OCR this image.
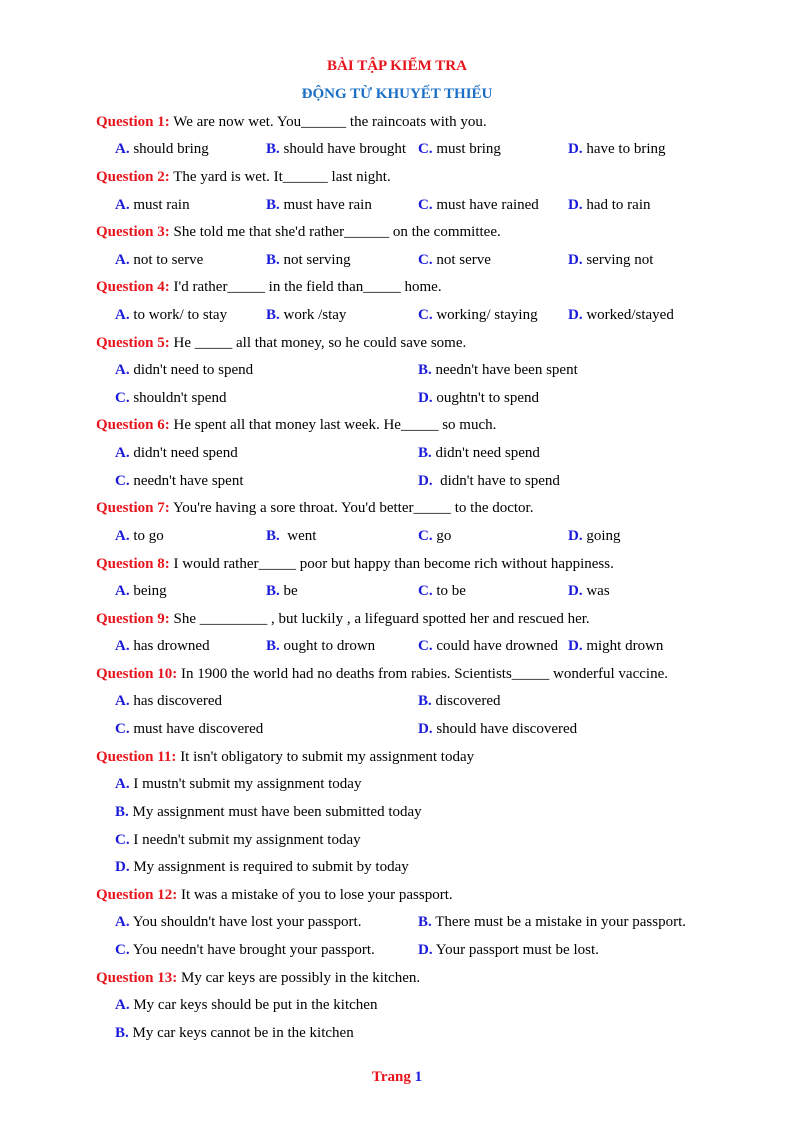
BÀI TẬP KIỂM TRA
ĐỘNG TỪ KHUYẾT THIẾU
Question 1: We are now wet. You______ the raincoats with you.
A. should bring	B. should have brought C. must bring	D. have to bring
Question 2: The yard is wet. It______ last night.
A. must rain	B. must have rain	C. must have rained D. had to rain
Question 3: She told me that she'd rather______ on the committee.
A. not to serve	B. not serving	C. not serve	D. serving not
Question 4: I'd rather_____ in the field than_____ home.
A. to work/ to stay	B. work /stay	C. working/ staying D. worked/stayed
Question 5: He _____ all that money, so he could save some.
A. didn't need to spend	B. needn't have been spent
C. shouldn't spend	D. oughtn't to spend
Question 6: He spent all that money last week. He_____ so much.
A. didn't need spend	B. didn't need spend
C. needn't have spent	D.  didn't have to spend
Question 7: You're having a sore throat. You'd better_____ to the doctor.
A. to go	B.  went	C. go	D. going
Question 8: I would rather_____ poor but happy than become rich without happiness.
A. being	B. be	C. to be	D. was
Question 9: She _________ , but luckily , a lifeguard spotted her and rescued her.
A. has drowned	B. ought to drown	C. could have drowned D. might drown
Question 10: In 1900 the world had no deaths from rabies. Scientists_____ wonderful vaccine.
A. has discovered	B. discovered
C. must have discovered	D. should have discovered
Question 11: It isn't obligatory to submit my assignment today
A. I mustn't submit my assignment today
B. My assignment must have been submitted today
C. I needn't submit my assignment today
D. My assignment is required to submit by today
Question 12: It was a mistake of you to lose your passport.
A. You shouldn't have lost your passport.	B. There must be a mistake in your passport.
C. You needn't have brought your passport.	D. Your passport must be lost.
Question 13: My car keys are possibly in the kitchen.
A. My car keys should be put in the kitchen
B. My car keys cannot be in the kitchen
Trang 1
